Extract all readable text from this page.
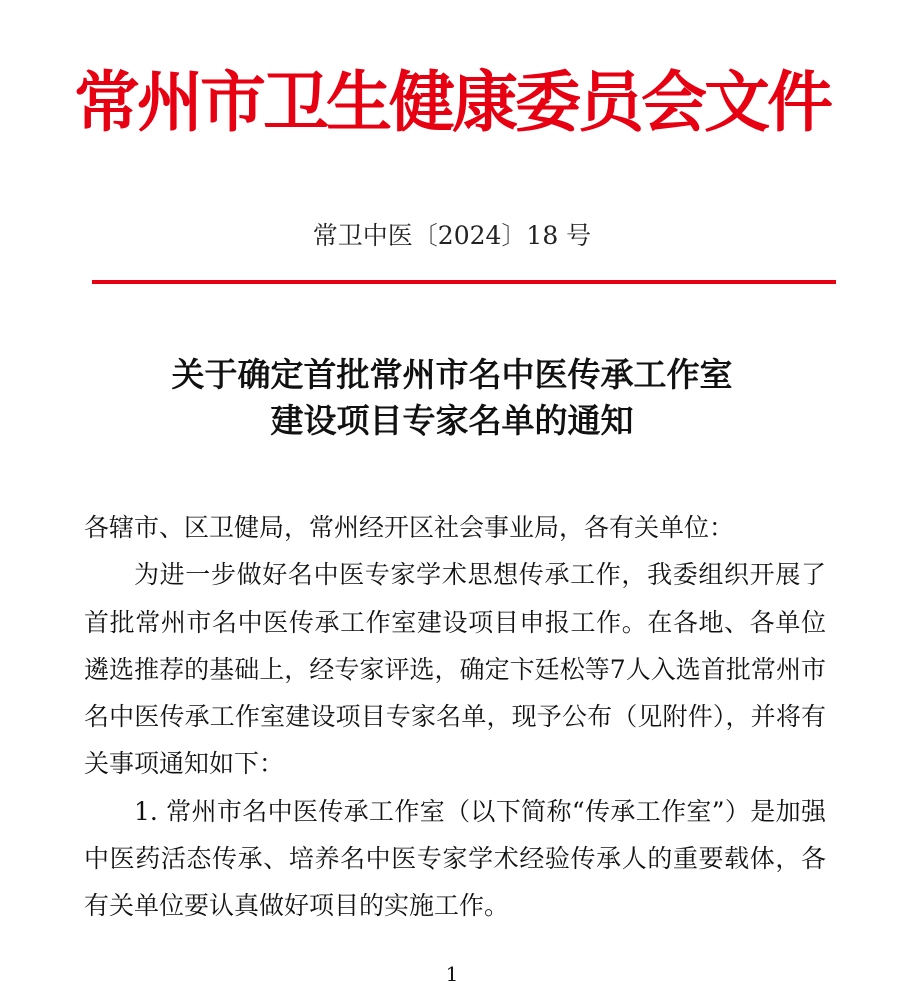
常州市卫生健康委员会文件
常卫中医〔2024〕18 号
关于确定首批常州市名中医传承工作室
建设项目专家名单的通知

各辖市、区卫健局，常州经开区社会事业局，各有关单位：

为进一步做好名中医专家学术思想传承工作，我委组织开展了首批常州市名中医传承工作室建设项目申报工作。在各地、各单位遴选推荐的基础上，经专家评选，确定卞廷松等7人入选首批常州市名中医传承工作室建设项目专家名单，现予公布（见附件），并将有关事项通知如下：

1. 常州市名中医传承工作室（以下简称“传承工作室”）是加强中医药活态传承、培养名中医专家学术经验传承人的重要载体，各有关单位要认真做好项目的实施工作。

1
